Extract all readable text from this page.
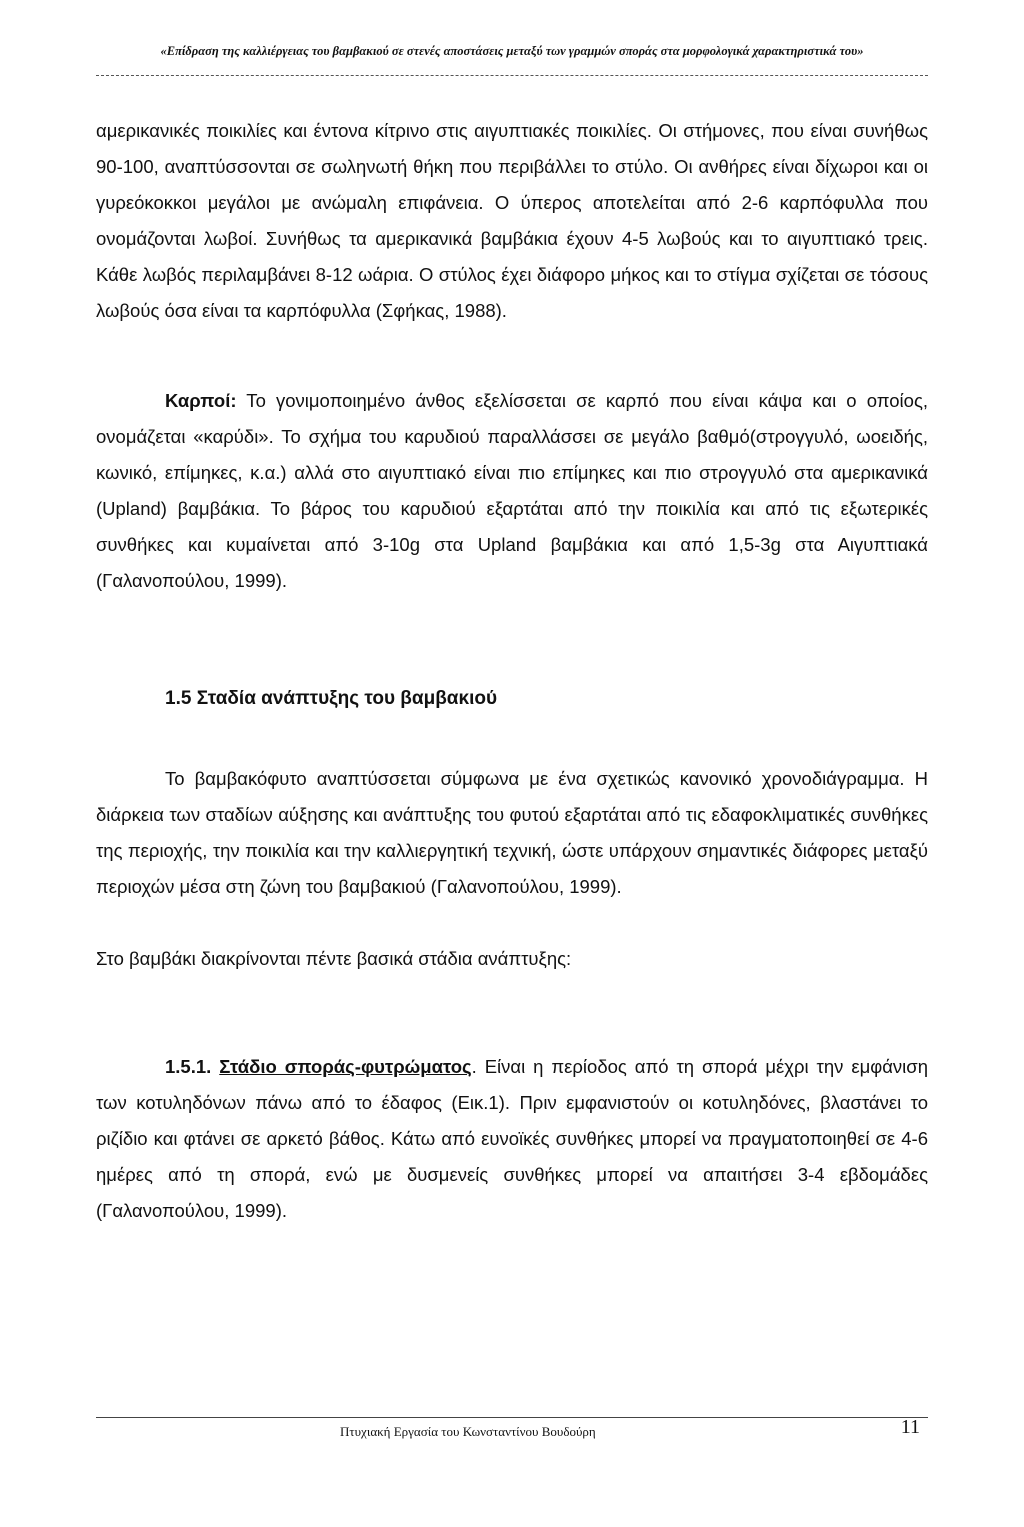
«Επίδραση της καλλιέργειας του βαμβακιού σε στενές αποστάσεις μεταξύ των γραμμών σποράς στα μορφολογικά χαρακτηριστικά του»

αμερικανικές ποικιλίες και έντονα κίτρινο στις αιγυπτιακές ποικιλίες. Οι στήμονες, που είναι συνήθως 90-100, αναπτύσσονται σε σωληνωτή θήκη που περιβάλλει το στύλο. Οι ανθήρες είναι δίχωροι και οι γυρεόκοκκοι μεγάλοι με ανώμαλη επιφάνεια. Ο ύπερος αποτελείται από 2-6 καρπόφυλλα που ονομάζονται λωβοί. Συνήθως τα αμερικανικά βαμβάκια έχουν 4-5 λωβούς και το αιγυπτιακό τρεις. Κάθε λωβός περιλαμβάνει 8-12 ωάρια. Ο στύλος έχει διάφορο μήκος και το στίγμα σχίζεται σε τόσους λωβούς όσα είναι τα καρπόφυλλα (Σφήκας, 1988).

Καρποί: Το γονιμοποιημένο άνθος εξελίσσεται σε καρπό που είναι κάψα και ο οποίος, ονομάζεται «καρύδι». Το σχήμα του καρυδιού παραλλάσσει σε μεγάλο βαθμό(στρογγυλό, ωοειδής, κωνικό, επίμηκες, κ.α.) αλλά στο αιγυπτιακό είναι πιο επίμηκες και πιο στρογγυλό στα αμερικανικά (Upland) βαμβάκια. Το βάρος του καρυδιού εξαρτάται από την ποικιλία και από τις εξωτερικές συνθήκες και κυμαίνεται από 3-10g στα Upland βαμβάκια και από 1,5-3g στα Αιγυπτιακά (Γαλανοπούλου, 1999).

1.5 Σταδία ανάπτυξης του βαμβακιού

Το βαμβακόφυτο αναπτύσσεται σύμφωνα με ένα σχετικώς κανονικό χρονοδιάγραμμα. Η διάρκεια των σταδίων αύξησης και ανάπτυξης του φυτού εξαρτάται από τις εδαφοκλιματικές συνθήκες της περιοχής, την ποικιλία και την καλλιεργητική τεχνική, ώστε υπάρχουν σημαντικές διάφορες μεταξύ περιοχών μέσα στη ζώνη του βαμβακιού (Γαλανοπούλου, 1999).

Στο βαμβάκι διακρίνονται πέντε βασικά στάδια ανάπτυξης:

1.5.1. Στάδιο σποράς-φυτρώματος. Είναι η περίοδος από τη σπορά μέχρι την εμφάνιση των κοτυληδόνων πάνω από το έδαφος (Εικ.1). Πριν εμφανιστούν οι κοτυληδόνες, βλαστάνει το ριζίδιο και φτάνει σε αρκετό βάθος. Κάτω από ευνοϊκές συνθήκες μπορεί να πραγματοποιηθεί σε 4-6 ημέρες από τη σπορά, ενώ με δυσμενείς συνθήκες μπορεί να απαιτήσει 3-4 εβδομάδες (Γαλανοπούλου, 1999).

Πτυχιακή Εργασία του Κωνσταντίνου Βουδούρη	11
